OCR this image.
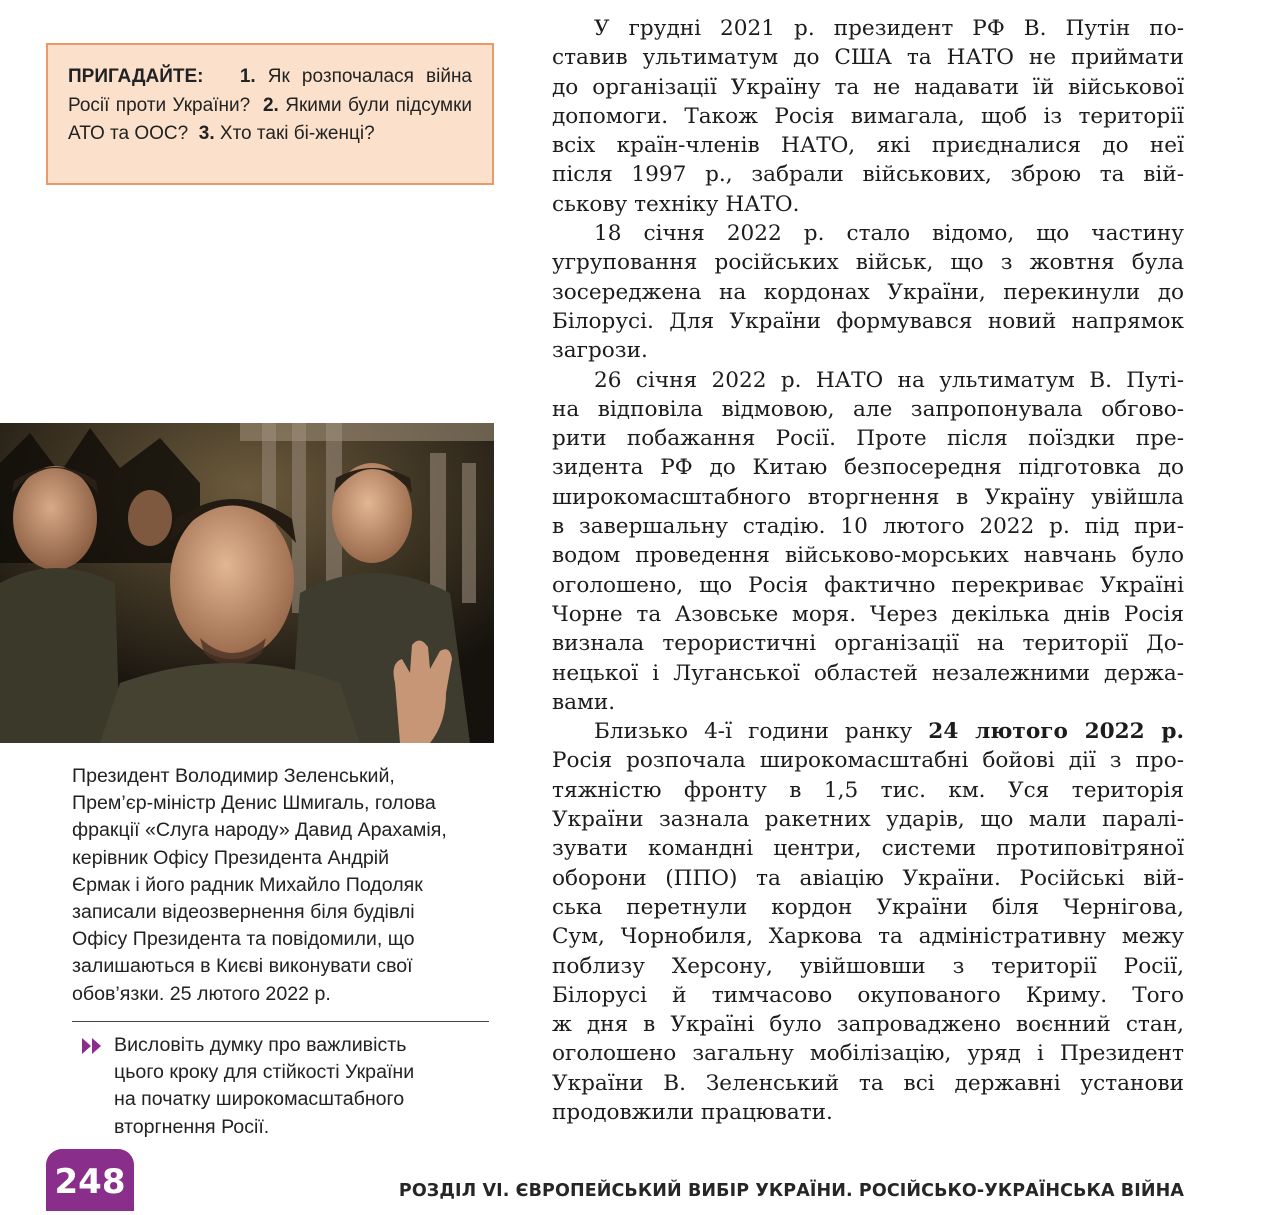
ПРИГАДАЙТЕ: 1. Як розпочалася війна Росії проти України? 2. Якими були підсумки АТО та ООС? 3. Хто такі бі-женці?
Президент Володимир Зеленський,
Прем’єр-міністр Денис Шмигаль, голова
фракції «Слуга народу» Давид Арахамія,
керівник Офісу Президента Андрій
Єрмак і його радник Михайло Подоляк
записали відеозвернення біля будівлі
Офісу Президента та повідомили, що
залишаються в Києві виконувати свої
обов’язки. 25 лютого 2022 р.
Висловіть думку про важливість
цього кроку для стійкості України
на початку широкомасштабного
вторгнення Росії.
У грудні 2021 р. президент РФ В. Путін по-
ставив ультиматум до США та НАТО не приймати
до організації Україну та не надавати їй військової
допомоги. Також Росія вимагала, щоб із території
всіх країн-членів НАТО, які приєдналися до неї
після 1997 р., забрали військових, зброю та вій-
ськову техніку НАТО.
18 січня 2022 р. стало відомо, що частину
угруповання російських військ, що з жовтня була
зосереджена на кордонах України, перекинули до
Білорусі. Для України формувався новий напрямок
загрози.
26 січня 2022 р. НАТО на ультиматум В. Путі-
на відповіла відмовою, але запропонувала обгово-
рити побажання Росії. Проте після поїздки пре-
зидента РФ до Китаю безпосередня підготовка до
широкомасштабного вторгнення в Україну увійшла
в завершальну стадію. 10 лютого 2022 р. під при-
водом проведення військово-морських навчань було
оголошено, що Росія фактично перекриває Україні
Чорне та Азовське моря. Через декілька днів Росія
визнала терористичні організації на території До-
нецької і Луганської областей незалежними держа-
вами.
Близько 4-ї години ранку 24 лютого 2022 р.
Росія розпочала широкомасштабні бойові дії з про-
тяжністю фронту в 1,5 тис. км. Уся територія
України зазнала ракетних ударів, що мали паралі-
зувати командні центри, системи протиповітряної
оборони (ППО) та авіацію України. Російські вій-
ська перетнули кордон України біля Чернігова,
Сум, Чорнобиля, Харкова та адміністративну межу
поблизу Херсону, увійшовши з території Росії,
Білорусі й тимчасово окупованого Криму. Того
ж дня в Україні було запроваджено воєнний стан,
оголошено загальну мобілізацію, уряд і Президент
України В. Зеленський та всі державні установи
продовжили працювати.
248	РОЗДІЛ VI. ЄВРОПЕЙСЬКИЙ ВИБІР УКРАЇНИ. РОСІЙСЬКО-УКРАЇНСЬКА ВІЙНА
